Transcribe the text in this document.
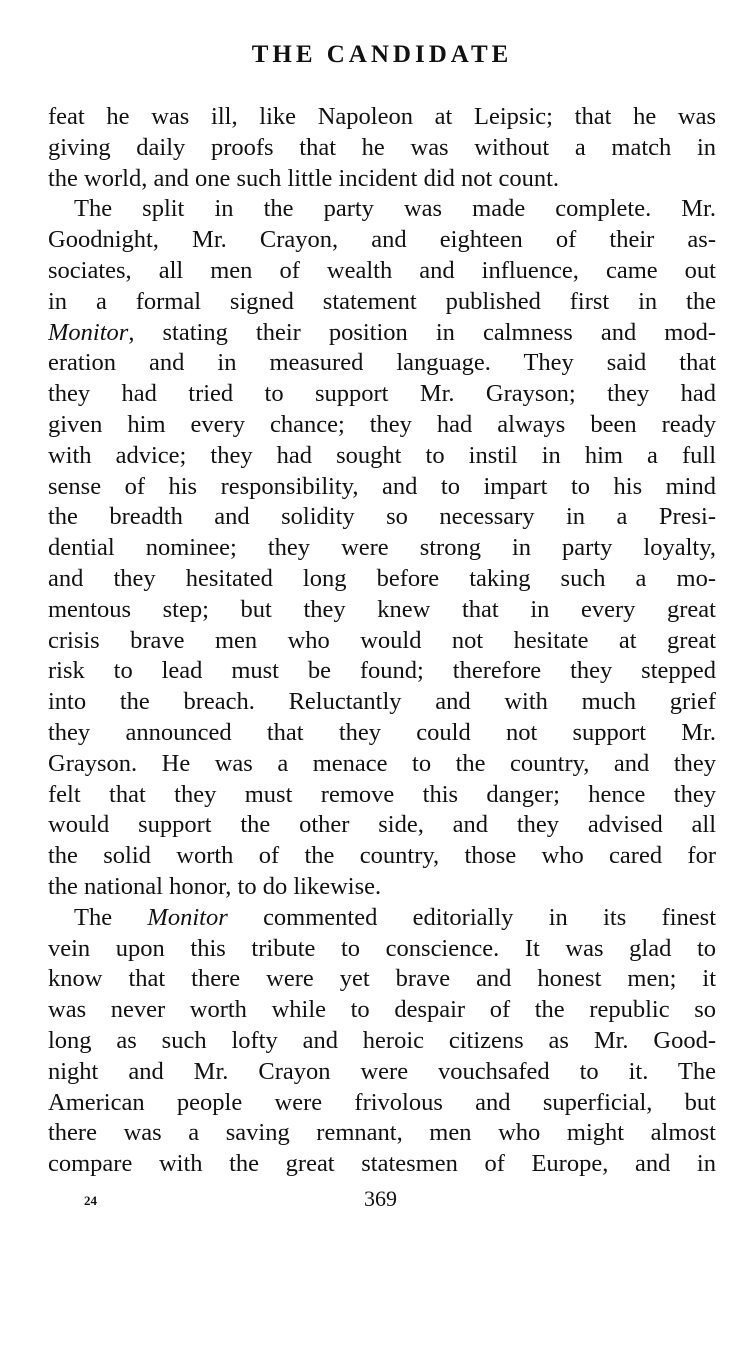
THE CANDIDATE
feat he was ill, like Napoleon at Leipsic; that he was
giving daily proofs that he was without a match in
the world, and one such little incident did not count.
The split in the party was made complete. Mr.
Goodnight, Mr. Crayon, and eighteen of their as-
sociates, all men of wealth and influence, came out
in a formal signed statement published first in the
Monitor, stating their position in calmness and mod-
eration and in measured language. They said that
they had tried to support Mr. Grayson; they had
given him every chance; they had always been ready
with advice; they had sought to instil in him a full
sense of his responsibility, and to impart to his mind
the breadth and solidity so necessary in a Presi-
dential nominee; they were strong in party loyalty,
and they hesitated long before taking such a mo-
mentous step; but they knew that in every great
crisis brave men who would not hesitate at great
risk to lead must be found; therefore they stepped
into the breach. Reluctantly and with much grief
they announced that they could not support Mr.
Grayson. He was a menace to the country, and they
felt that they must remove this danger; hence they
would support the other side, and they advised all
the solid worth of the country, those who cared for
the national honor, to do likewise.
The Monitor commented editorially in its finest
vein upon this tribute to conscience. It was glad to
know that there were yet brave and honest men; it
was never worth while to despair of the republic so
long as such lofty and heroic citizens as Mr. Good-
night and Mr. Crayon were vouchsafed to it. The
American people were frivolous and superficial, but
there was a saving remnant, men who might almost
compare with the great statesmen of Europe, and in
24	369
